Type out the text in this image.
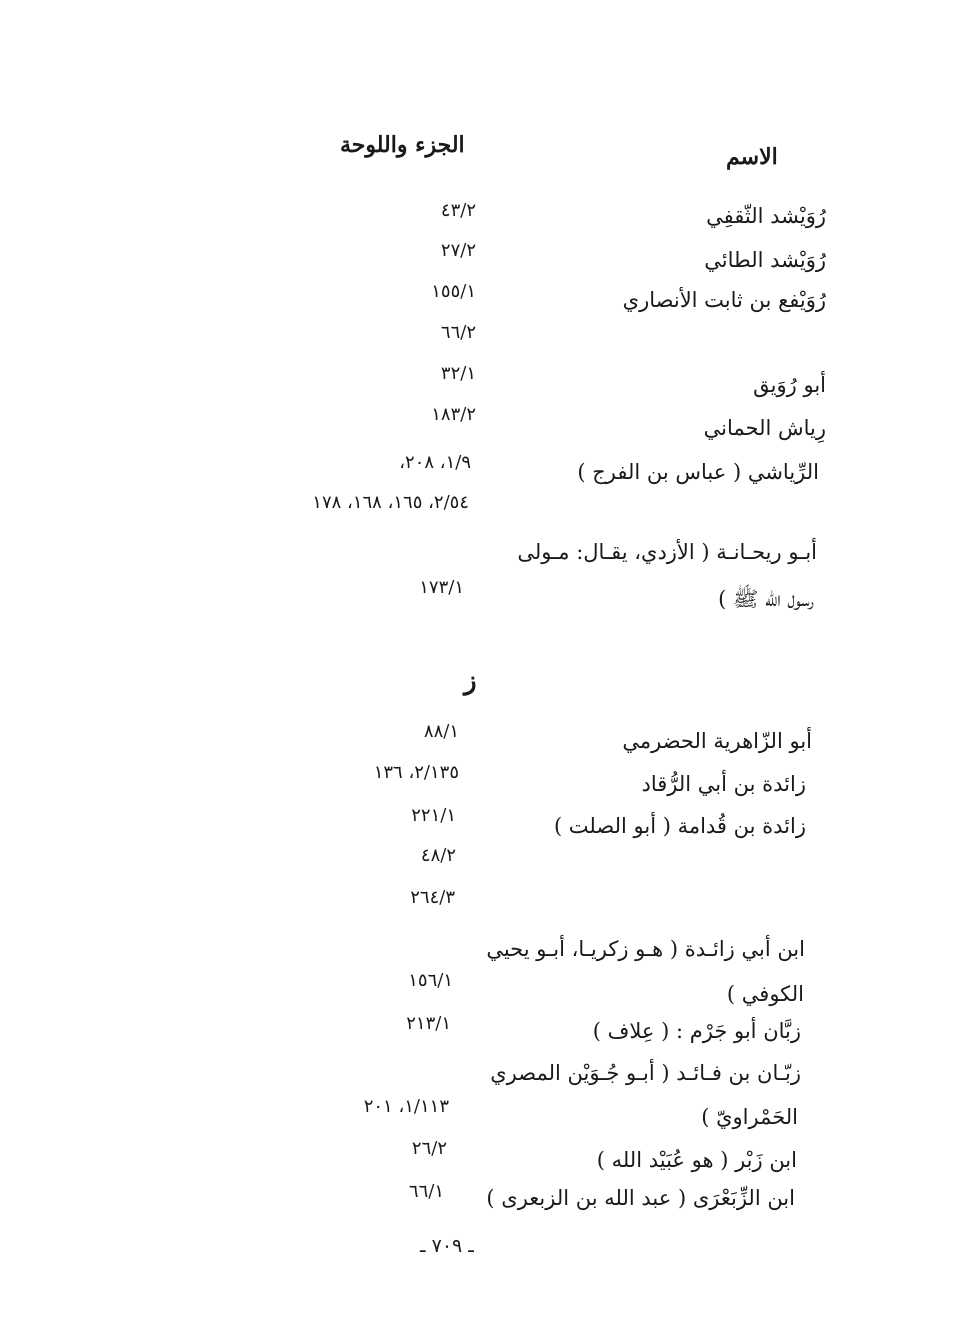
الاسم
الجزء واللوحة
رُوَيْشد الثّقفِي
٤٣/٢
رُوَيْشد الطائي
٢٧/٢
رُوَيْفع بن ثابت الأنصاري
١٥٥/١
٦٦/٢
أبو رُوَيق
٣٢/١
رِياش الحماني
١٨٣/٢
الرِّياشي ( عباس بن الفرج )
١/٩، ٢٠٨،
٢/٥٤، ١٦٥، ١٦٨، ١٧٨
أبـو ريحـانـة ( الأزدي، يقـال: مـولى
رسول الله ﷺ )
١٧٣/١
ز
أبو الزّاهرية الحضرمي
٨٨/١
زائدة بن أبي الرُّقاد
٢/١٣٥، ١٣٦
زائدة بن قُدامة ( أبو الصلت )
٢٢١/١
٤٨/٢
٢٦٤/٣
ابن أبي زائـدة ( هـو زكريـا، أبـو يحيي
الكوفي )
١٥٦/١
زبَّان أبو جَرْم : ( عِلاف )
٢١٣/١
زبّـان بن فـائـد ( أبـو جُـوَيْن المصري
الحَمْراويّ )
١/١١٣، ٢٠١
ابن زَبْر ( هو عُبَيْد الله )
٢٦/٢
ابن الزِّبَعْرَى ( عبد الله بن الزبعرى )
٦٦/١
ـ ٧٠٩ ـ
